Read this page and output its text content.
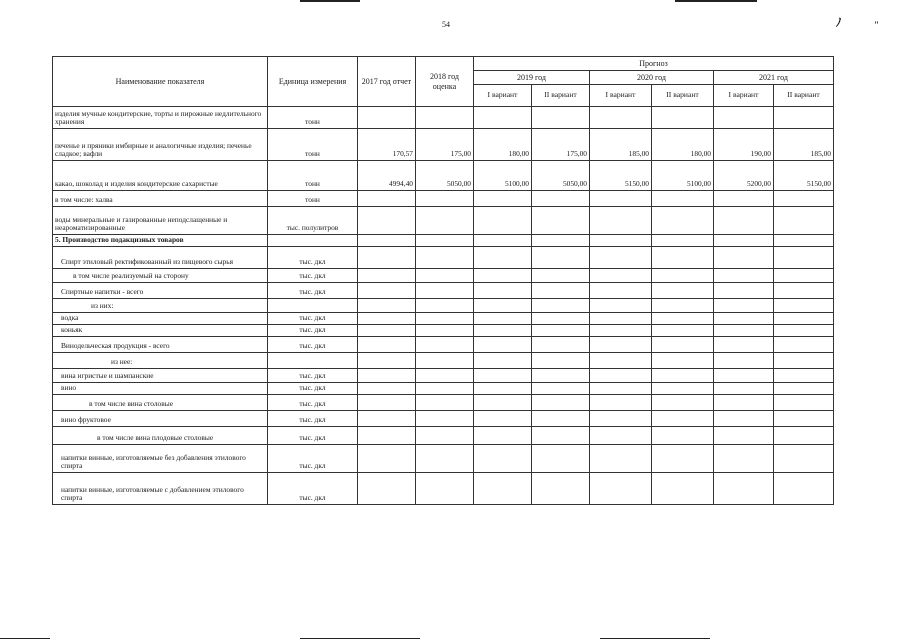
54	ﾉ	"
Наименование показателя	Единица измерения	2017 год отчет	2018 год оценка	Прогноз					
				2019 год		2020 год		2021 год	
				I вариант	II вариант	I вариант	II вариант	I вариант	II вариант
изделия мучные кондитерские, торты и пирожные недлительного хранения	тонн								
печенье и пряники имбирные и аналогичные изделия; печенье сладкое; вафли	тонн	170,57	175,00	180,00	175,00	185,00	180,00	190,00	185,00
какао, шоколад и изделия кондитерские сахаристые	тонн	4994,40	5050,00	5100,00	5050,00	5150,00	5100,00	5200,00	5150,00
в том числе: халва	тонн								
воды минеральные и газированные неподслащенные и неароматизированные	тыс. полулитров								
5. Производство подакцизных товаров									
Спирт этиловый ректификованный из пищевого сырья	тыс. дкл								
в том числе реализуемый на сторону	тыс. дкл								
Спиртные напитки - всего	тыс. дкл								
из них:									
водка	тыс. дкл								
коньяк	тыс. дкл								
Винодельческая продукция - всего	тыс. дкл								
из нее:									
вина игристые и шампанские	тыс. дкл								
вино	тыс. дкл								
в том числе вина столовые	тыс. дкл								
вино фруктовое	тыс. дкл								
в том числе вина плодовые столовые	тыс. дкл								
напитки винные, изготовляемые без добавления этилового спирта	тыс. дкл								
напитки винные, изготовляемые с добавлением этилового спирта	тыс. дкл								
